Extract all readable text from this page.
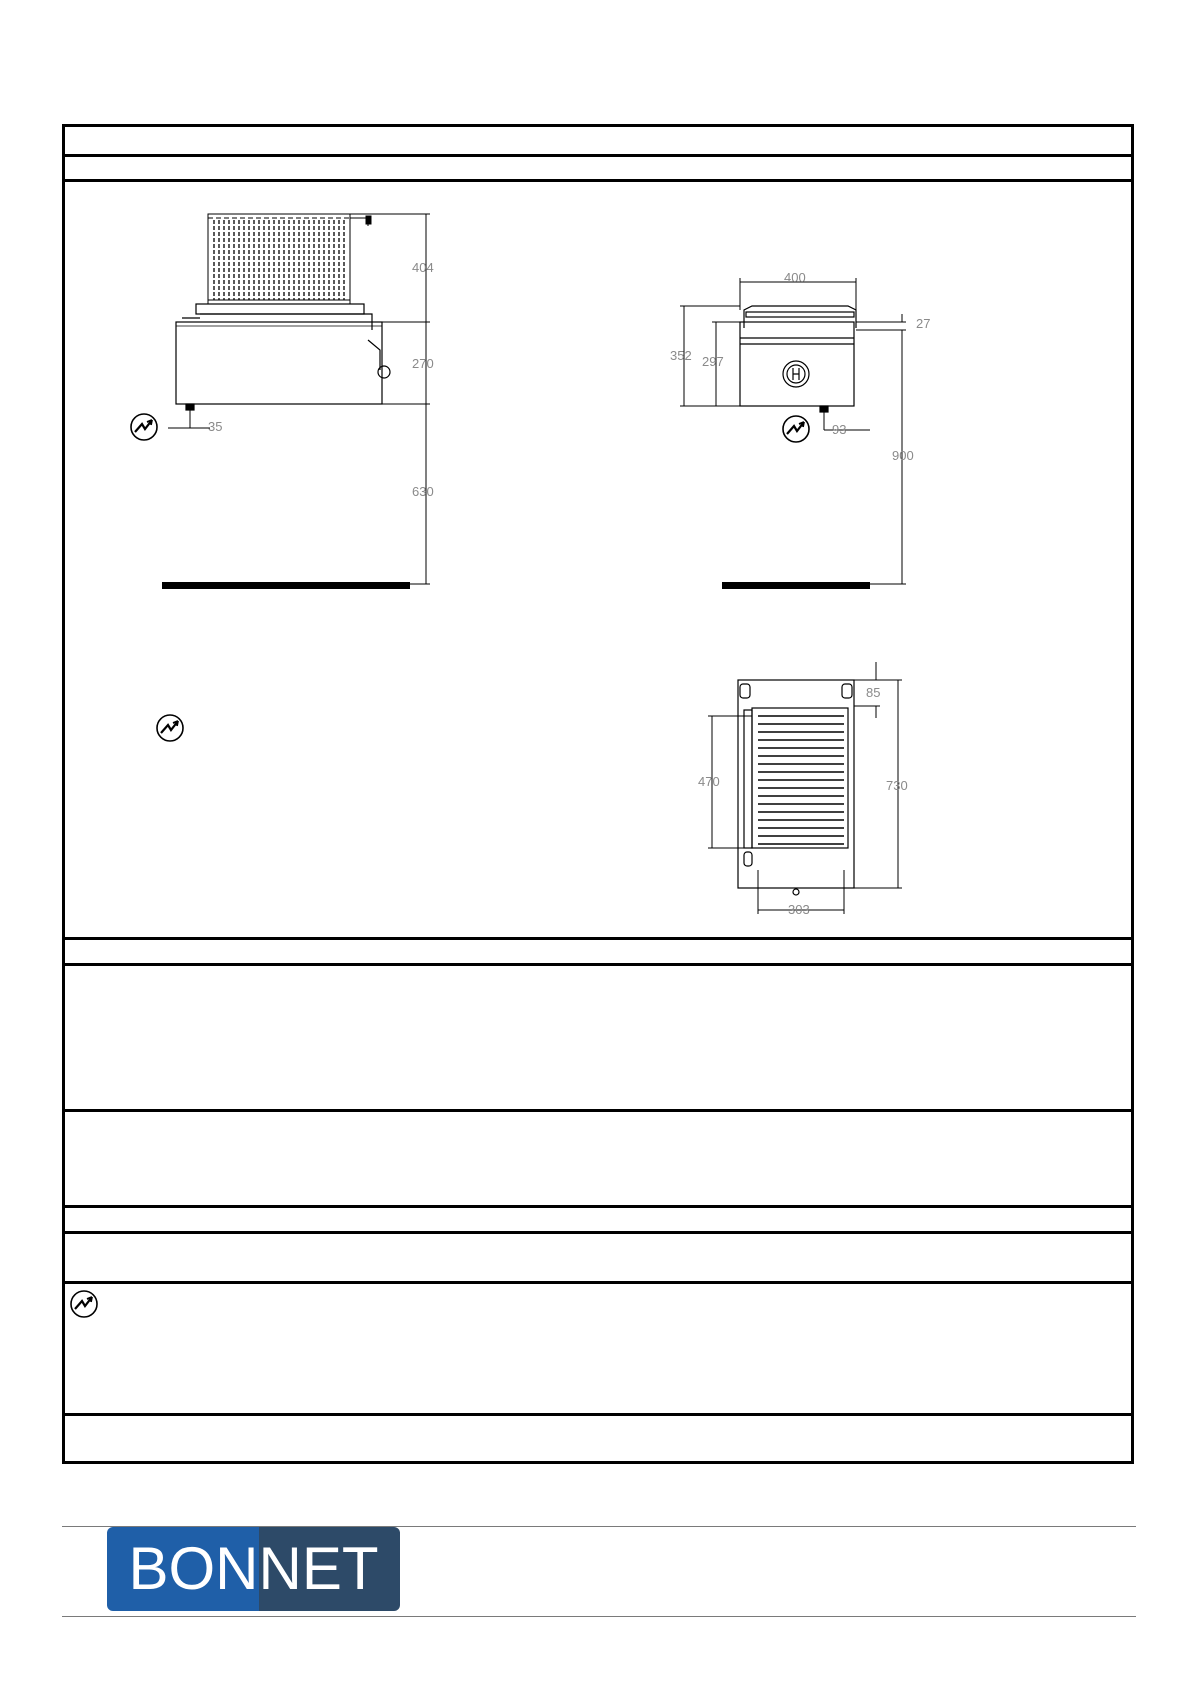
404
270
35
630
400
27
352 297
93
900
85
470	730
303
BONNET
